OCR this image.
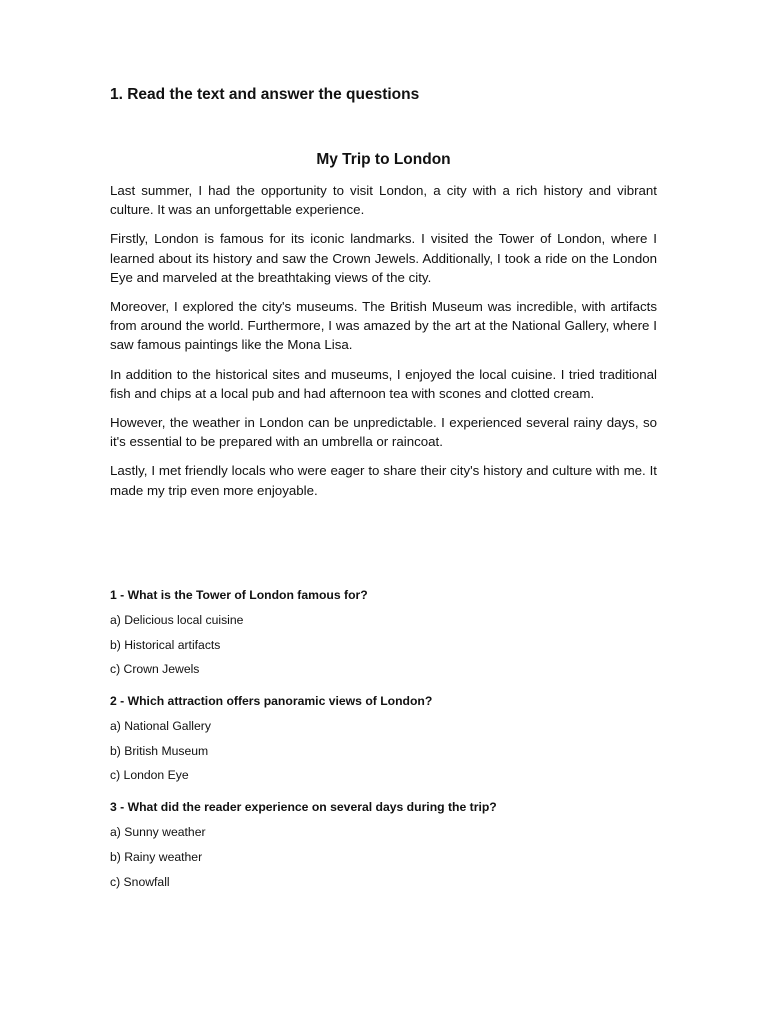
1. Read the text and answer the questions
My Trip to London

Last summer, I had the opportunity to visit London, a city with a rich history and vibrant culture. It was an unforgettable experience.

Firstly, London is famous for its iconic landmarks. I visited the Tower of London, where I learned about its history and saw the Crown Jewels. Additionally, I took a ride on the London Eye and marveled at the breathtaking views of the city.

Moreover, I explored the city's museums. The British Museum was incredible, with artifacts from around the world. Furthermore, I was amazed by the art at the National Gallery, where I saw famous paintings like the Mona Lisa.

In addition to the historical sites and museums, I enjoyed the local cuisine. I tried traditional fish and chips at a local pub and had afternoon tea with scones and clotted cream.

However, the weather in London can be unpredictable. I experienced several rainy days, so it's essential to be prepared with an umbrella or raincoat.

Lastly, I met friendly locals who were eager to share their city's history and culture with me. It made my trip even more enjoyable.

1 - What is the Tower of London famous for?
a) Delicious local cuisine
b) Historical artifacts
c) Crown Jewels
2 - Which attraction offers panoramic views of London?
a) National Gallery
b) British Museum
c) London Eye
3 - What did the reader experience on several days during the trip?
a) Sunny weather
b) Rainy weather
c) Snowfall
